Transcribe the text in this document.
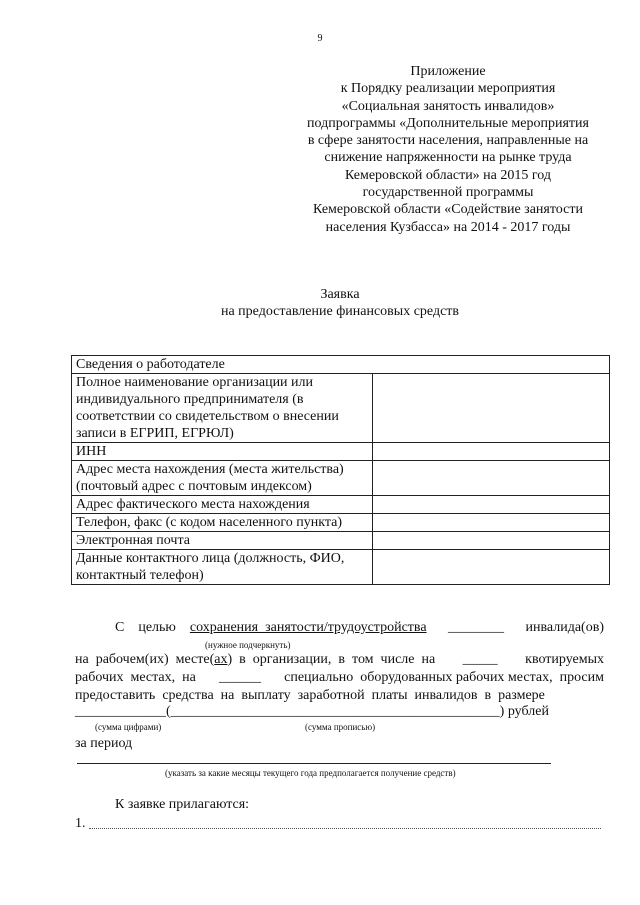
9
Приложение
к Порядку реализации мероприятия
«Социальная занятость инвалидов»
подпрограммы «Дополнительные мероприятия
в сфере занятости населения, направленные на
снижение напряженности на рынке труда
Кемеровской области» на 2015 год
государственной программы
Кемеровской области «Содействие занятости
населения Кузбасса» на 2014 - 2017 годы
Заявка
на предоставление финансовых средств
Сведения о работодателе	

Полное наименование организации или
индивидуального предпринимателя (в
соответствии со свидетельством о внесении
записи в ЕГРИП, ЕГРЮЛ)	

ИНН	

Адрес места нахождения (места жительства)
(почтовый адрес с почтовым индексом)	

Адрес фактического места нахождения	

Телефон, факс (с кодом населенного пункта)	

Электронная почта	

Данные контактного лица (должность, ФИО,
контактный телефон)	

С    целью    сохранения  занятости/трудоустройства ________ инвалида(ов)
(нужное подчеркнуть)
на  рабочем(их)  месте(ах)  в  организации,  в  том  числе  на _____ квотируемых
рабочих  местах,  на ______ специально  оборудованных рабочих местах,  просим
предоставить  средства  на  выплату  заработной  платы  инвалидов  в  размере
_____________(_______________________________________________) рублей
(сумма цифрами)	(сумма прописью)
за период
(указать за какие месяцы текущего года предполагается получение средств)
К заявке прилагаются:
1.
